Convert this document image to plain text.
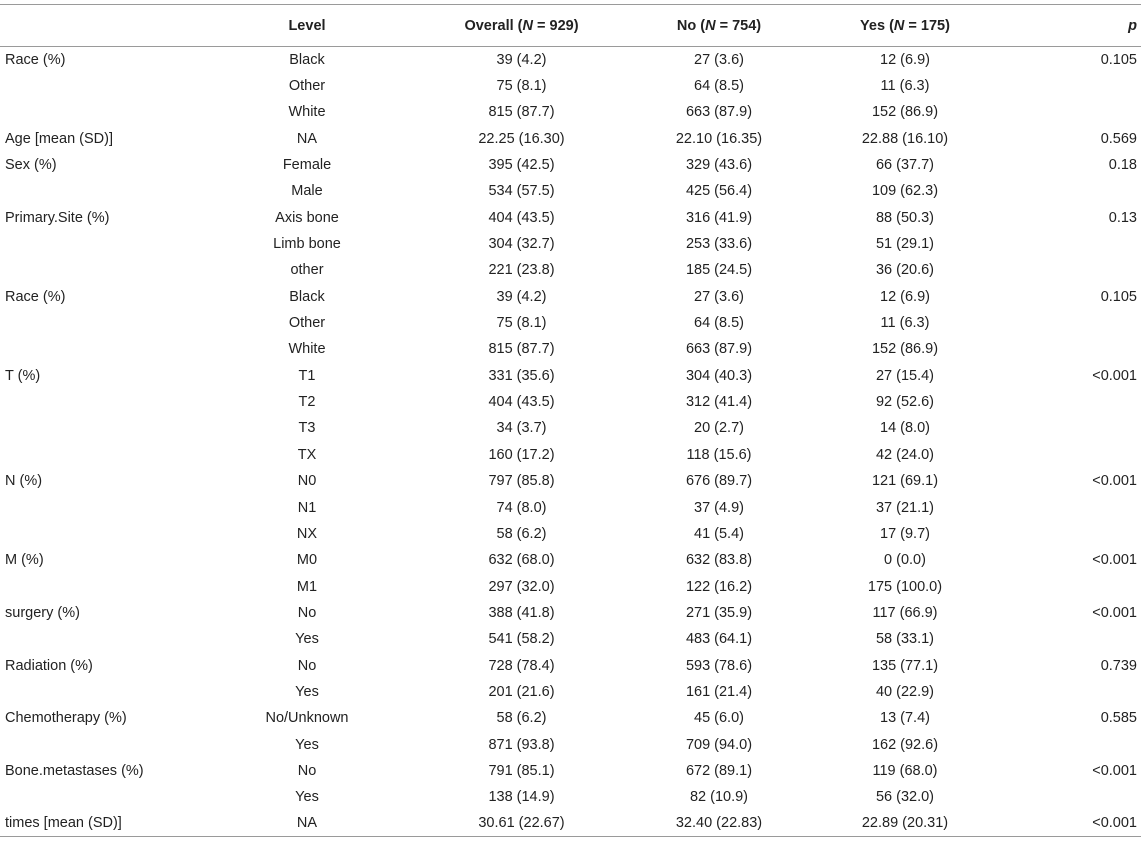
	Level	Overall (N = 929)	No (N = 754)	Yes (N = 175)	p
Race (%)	Black	39 (4.2)	27 (3.6)	12 (6.9)	0.105
	Other	75 (8.1)	64 (8.5)	11 (6.3)	
	White	815 (87.7)	663 (87.9)	152 (86.9)	
Age [mean (SD)]	NA	22.25 (16.30)	22.10 (16.35)	22.88 (16.10)	0.569
Sex (%)	Female	395 (42.5)	329 (43.6)	66 (37.7)	0.18
	Male	534 (57.5)	425 (56.4)	109 (62.3)	
Primary.Site (%)	Axis bone	404 (43.5)	316 (41.9)	88 (50.3)	0.13
	Limb bone	304 (32.7)	253 (33.6)	51 (29.1)	
	other	221 (23.8)	185 (24.5)	36 (20.6)	
Race (%)	Black	39 (4.2)	27 (3.6)	12 (6.9)	0.105
	Other	75 (8.1)	64 (8.5)	11 (6.3)	
	White	815 (87.7)	663 (87.9)	152 (86.9)	
T (%)	T1	331 (35.6)	304 (40.3)	27 (15.4)	<0.001
	T2	404 (43.5)	312 (41.4)	92 (52.6)	
	T3	34 (3.7)	20 (2.7)	14 (8.0)	
	TX	160 (17.2)	118 (15.6)	42 (24.0)	
N (%)	N0	797 (85.8)	676 (89.7)	121 (69.1)	<0.001
	N1	74 (8.0)	37 (4.9)	37 (21.1)	
	NX	58 (6.2)	41 (5.4)	17 (9.7)	
M (%)	M0	632 (68.0)	632 (83.8)	0 (0.0)	<0.001
	M1	297 (32.0)	122 (16.2)	175 (100.0)	
surgery (%)	No	388 (41.8)	271 (35.9)	117 (66.9)	<0.001
	Yes	541 (58.2)	483 (64.1)	58 (33.1)	
Radiation (%)	No	728 (78.4)	593 (78.6)	135 (77.1)	0.739
	Yes	201 (21.6)	161 (21.4)	40 (22.9)	
Chemotherapy (%)	No/Unknown	58 (6.2)	45 (6.0)	13 (7.4)	0.585
	Yes	871 (93.8)	709 (94.0)	162 (92.6)	
Bone.metastases (%)	No	791 (85.1)	672 (89.1)	119 (68.0)	<0.001
	Yes	138 (14.9)	82 (10.9)	56 (32.0)	
times [mean (SD)]	NA	30.61 (22.67)	32.40 (22.83)	22.89 (20.31)	<0.001
